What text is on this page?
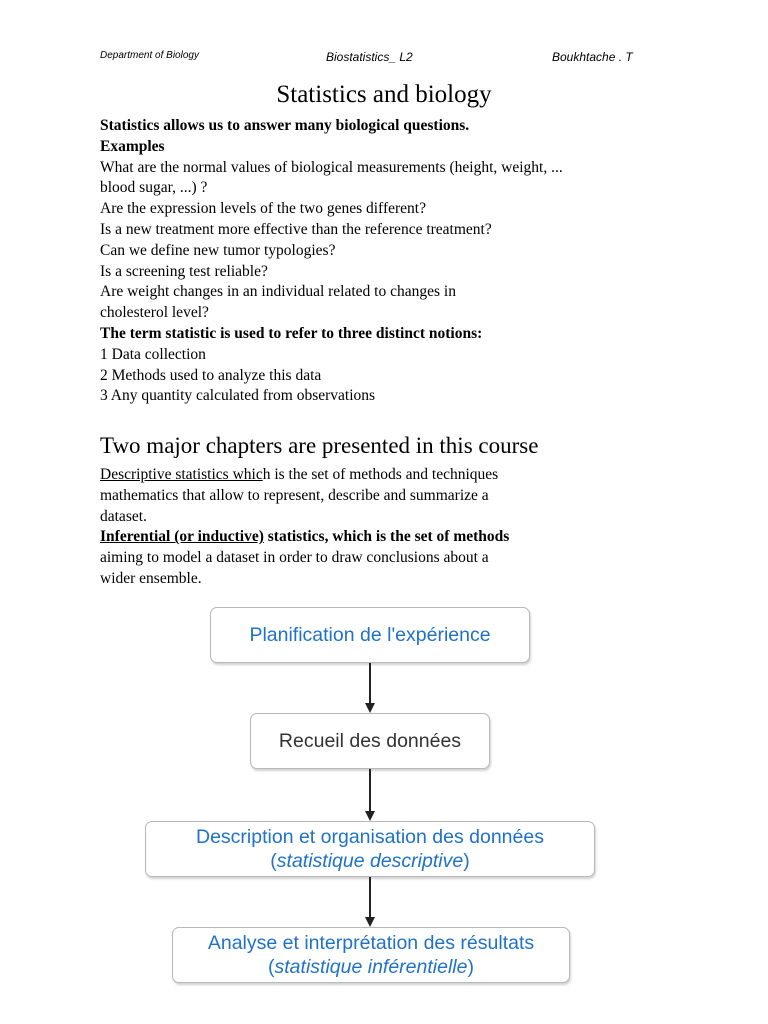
Department of Biology	Biostatistics_ L2	Boukhtache . T
Statistics and biology
Statistics allows us to answer many biological questions.
Examples
What are the normal values of biological measurements (height, weight, ...
blood sugar, ...) ?
Are the expression levels of the two genes different?
Is a new treatment more effective than the reference treatment?
Can we define new tumor typologies?
Is a screening test reliable?
Are weight changes in an individual related to changes in
cholesterol level?
The term statistic is used to refer to three distinct notions:
1 Data collection
2 Methods used to analyze this data
3 Any quantity calculated from observations
Two major chapters are presented in this course
Descriptive statistics which is the set of methods and techniques
mathematics that allow to represent, describe and summarize a
dataset.
Inferential (or inductive) statistics, which is the set of methods
aiming to model a dataset in order to draw conclusions about a
wider ensemble.
Planification de l'expérience
Recueil des données
Description et organisation des données
(statistique descriptive)
Analyse et interprétation des résultats
(statistique inférentielle)
